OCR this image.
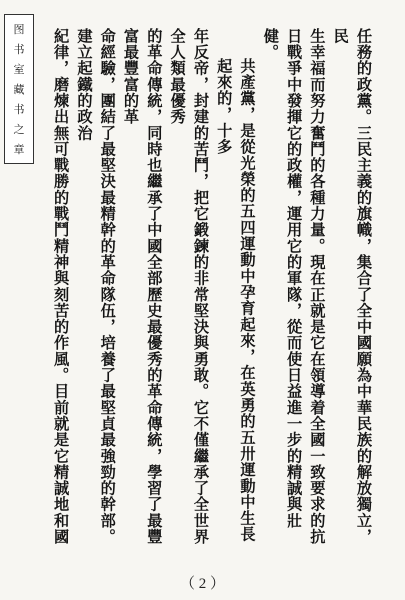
图
书
室
藏
书
之
章	任務的政黨。三民主義的旗幟，集合了全中國願為中華民族的解放獨立，民

生幸福而努力奮鬥的各種力量。現在正就是它在領導着全國一致要求的抗

日戰爭中發揮它的政權，運用它的軍隊，從而使日益進一步的精誠與壯健。

共產黨，是從光榮的五四運動中孕育起來，在英勇的五卅運動中生長起來的，十多

年反帝，封建的苦鬥，把它鍛鍊的非常堅決與勇敢。它不僅繼承了全世界全人類最優秀

的革命傳統，同時也繼承了中國全部歷史最優秀的革命傳統，學習了最豐富最豐富的革

命經驗，團結了最堅決最精幹的革命隊伍，培養了最堅貞最強勁的幹部。建立起鐵的政治

紀律，磨煉出無可戰勝的戰鬥精神與刻苦的作風。目前就是它精誠地和國

（ 2 ）
